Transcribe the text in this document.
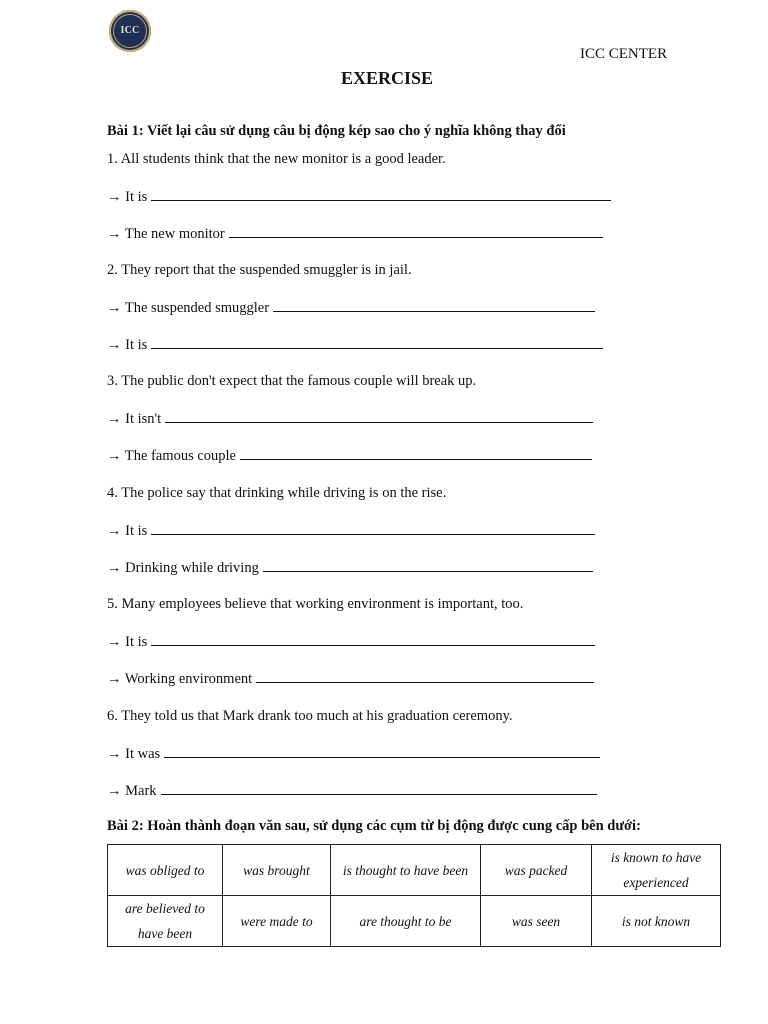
ICC
ICC CENTER
EXERCISE
Bài 1: Viết lại câu sử dụng câu bị động kép sao cho ý nghĩa không thay đổi
1. All students think that the new monitor is a good leader.
→ It is
→ The new monitor
2. They report that the suspended smuggler is in jail.
→ The suspended smuggler
→ It is
3. The public don't expect that the famous couple will break up.
→ It isn't
→ The famous couple
4. The police say that drinking while driving is on the rise.
→ It is
→ Drinking while driving
5. Many employees believe that working environment is important, too.
→ It is
→ Working environment
6. They told us that Mark drank too much at his graduation ceremony.
→ It was
→ Mark
Bài 2: Hoàn thành đoạn văn sau, sử dụng các cụm từ bị động được cung cấp bên dưới:
was obliged to	was brought	is thought to have been	was packed	is known to have experienced
are believed to have been	were made to	are thought to be	was seen	is not known
